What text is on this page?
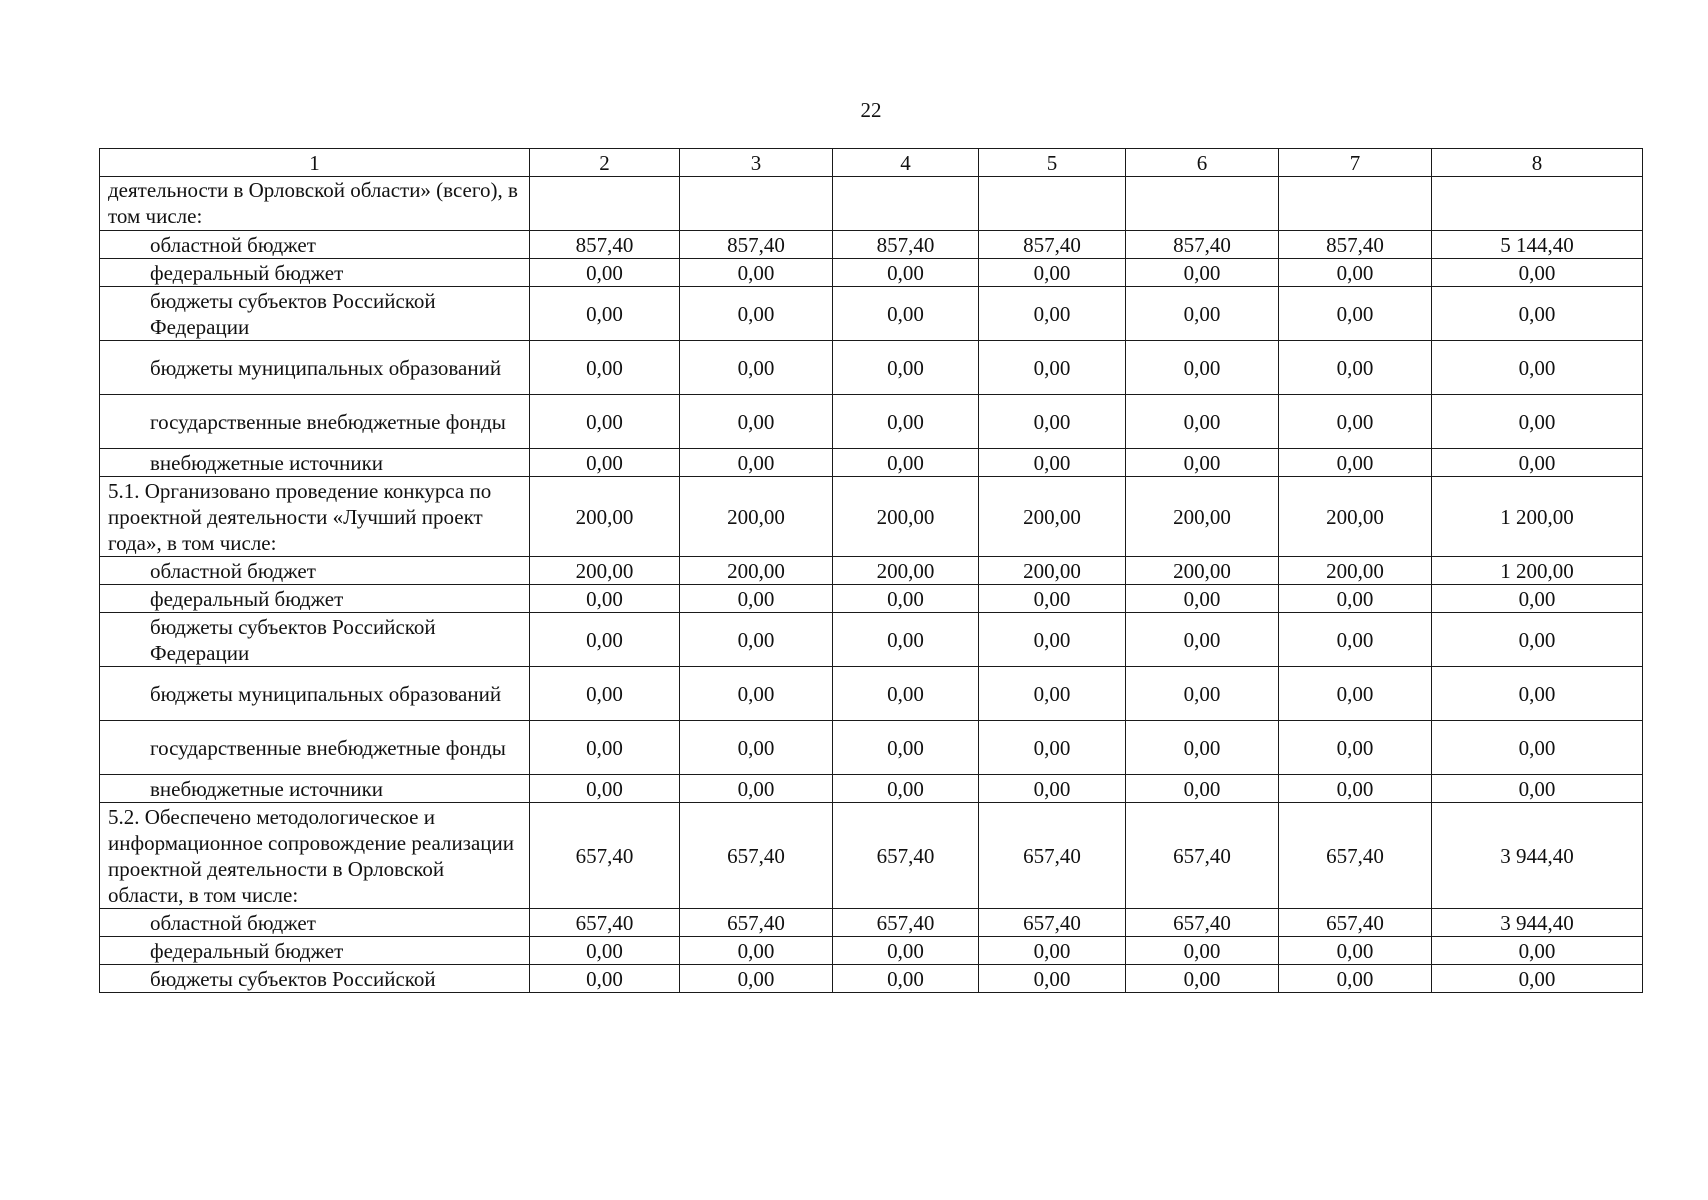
22
1	2	3	4	5	6	7	8
деятельности в Орловской области» (всего), в том числе:							
областной бюджет	857,40	857,40	857,40	857,40	857,40	857,40	5 144,40
федеральный бюджет	0,00	0,00	0,00	0,00	0,00	0,00	0,00
бюджеты субъектов Российской Федерации	0,00	0,00	0,00	0,00	0,00	0,00	0,00
бюджеты муниципальных образований	0,00	0,00	0,00	0,00	0,00	0,00	0,00
государственные внебюджетные фонды	0,00	0,00	0,00	0,00	0,00	0,00	0,00
внебюджетные источники	0,00	0,00	0,00	0,00	0,00	0,00	0,00
5.1. Организовано проведение конкурса по проектной деятельности «Лучший проект года», в том числе:	200,00	200,00	200,00	200,00	200,00	200,00	1 200,00
областной бюджет	200,00	200,00	200,00	200,00	200,00	200,00	1 200,00
федеральный бюджет	0,00	0,00	0,00	0,00	0,00	0,00	0,00
бюджеты субъектов Российской Федерации	0,00	0,00	0,00	0,00	0,00	0,00	0,00
бюджеты муниципальных образований	0,00	0,00	0,00	0,00	0,00	0,00	0,00
государственные внебюджетные фонды	0,00	0,00	0,00	0,00	0,00	0,00	0,00
внебюджетные источники	0,00	0,00	0,00	0,00	0,00	0,00	0,00
5.2. Обеспечено методологическое и информационное сопровождение реализации проектной деятельности в Орловской области, в том числе:	657,40	657,40	657,40	657,40	657,40	657,40	3 944,40
областной бюджет	657,40	657,40	657,40	657,40	657,40	657,40	3 944,40
федеральный бюджет	0,00	0,00	0,00	0,00	0,00	0,00	0,00
бюджеты субъектов Российской	0,00	0,00	0,00	0,00	0,00	0,00	0,00
